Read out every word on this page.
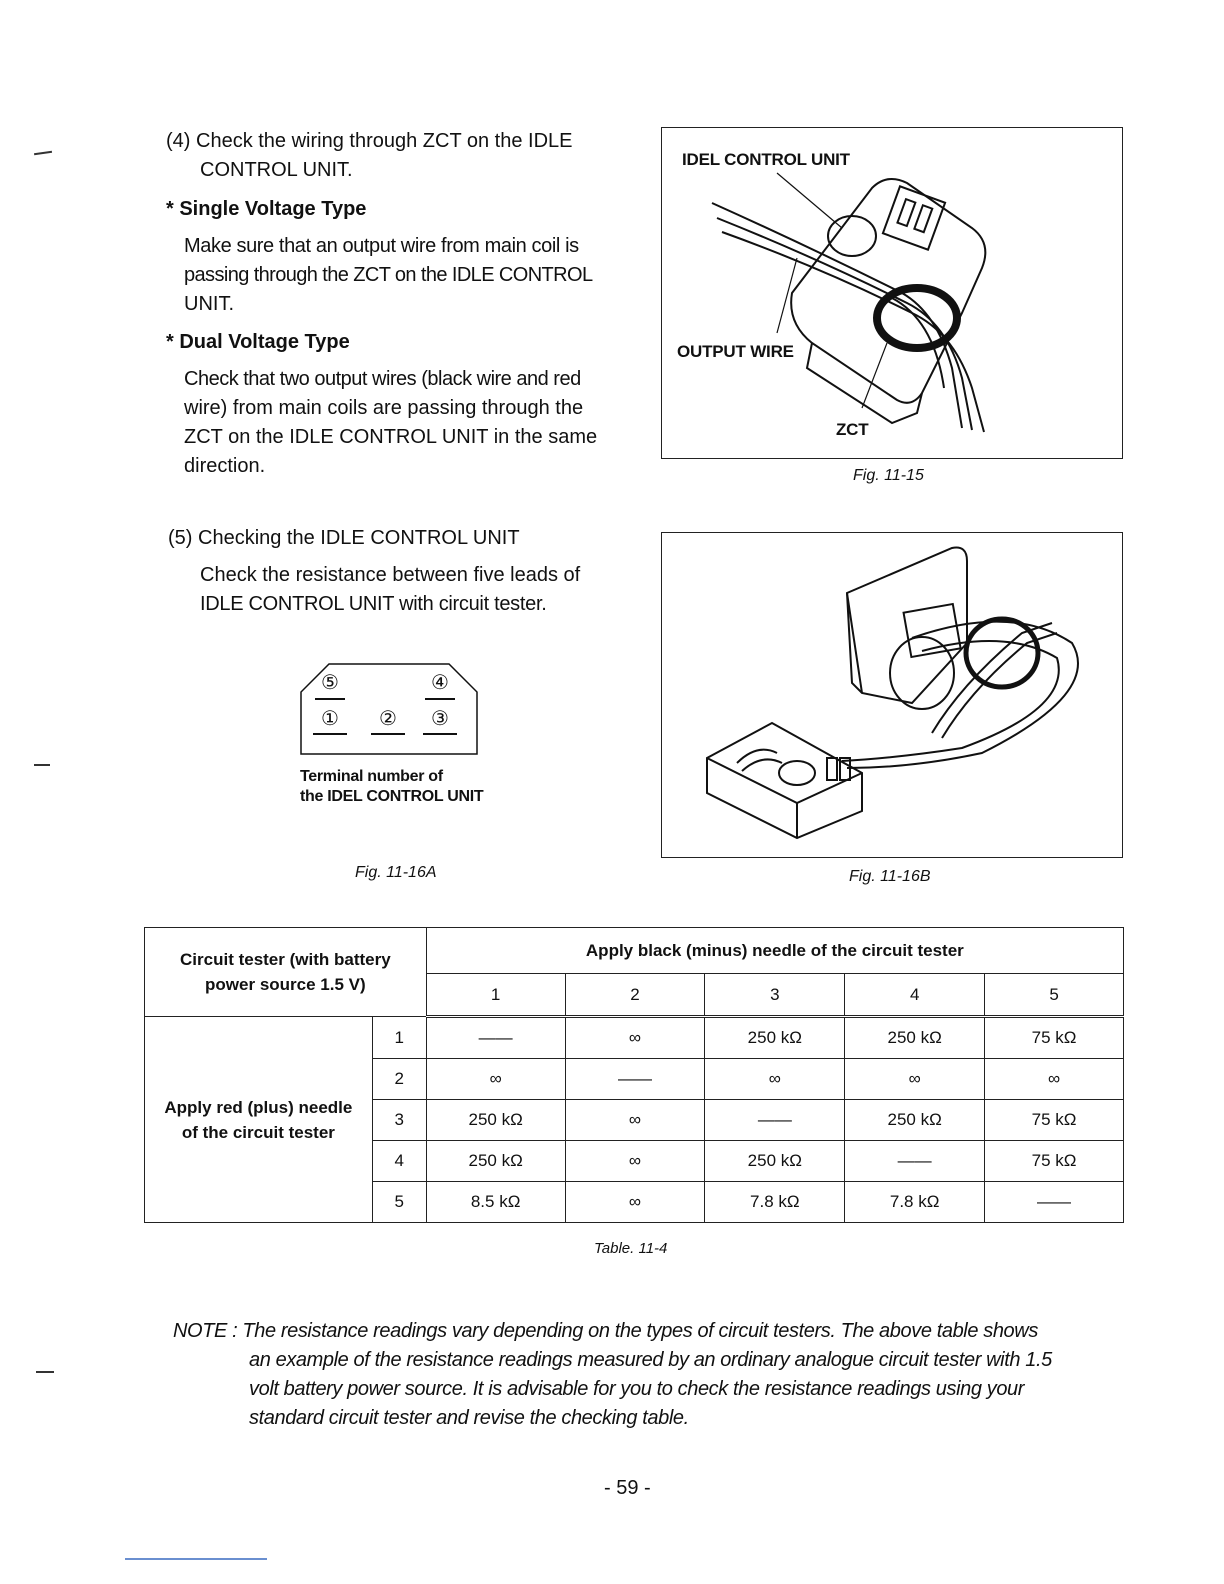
(4) Check the wiring through ZCT on the IDLE
CONTROL UNIT.
* Single Voltage Type
Make sure that an output wire from main coil is
passing through the ZCT on the IDLE CONTROL
UNIT.
* Dual Voltage Type
Check that two output wires (black wire and red
wire) from main coils are passing through the
ZCT on the IDLE CONTROL UNIT in the same
direction.
IDEL CONTROL UNIT
OUTPUT WIRE
ZCT
Fig. 11-15
(5) Checking the IDLE CONTROL UNIT
Check the resistance between five leads of
IDLE CONTROL UNIT with circuit tester.
⑤	④
① ② ③
Terminal number of
the IDEL CONTROL UNIT
Fig. 11-16A	Fig. 11-16B
Circuit tester (with battery
power source 1.5 V)		Apply black (minus) needle of the circuit tester				
		1	2	3	4	5
Apply red (plus) needle
of the circuit tester	1	——	∞	250 kΩ	250 kΩ	75 kΩ
	2	∞	——	∞	∞	∞
	3	250 kΩ	∞	——	250 kΩ	75 kΩ
	4	250 kΩ	∞	250 kΩ	——	75 kΩ
	5	8.5 kΩ	∞	7.8 kΩ	7.8 kΩ	——
Table. 11-4
NOTE : The resistance readings vary depending on the types of circuit testers. The above table shows
an example of the resistance readings measured by an ordinary analogue circuit tester with 1.5
volt battery power source. It is advisable for you to check the resistance readings using your
standard circuit tester and revise the checking table.
- 59 -
